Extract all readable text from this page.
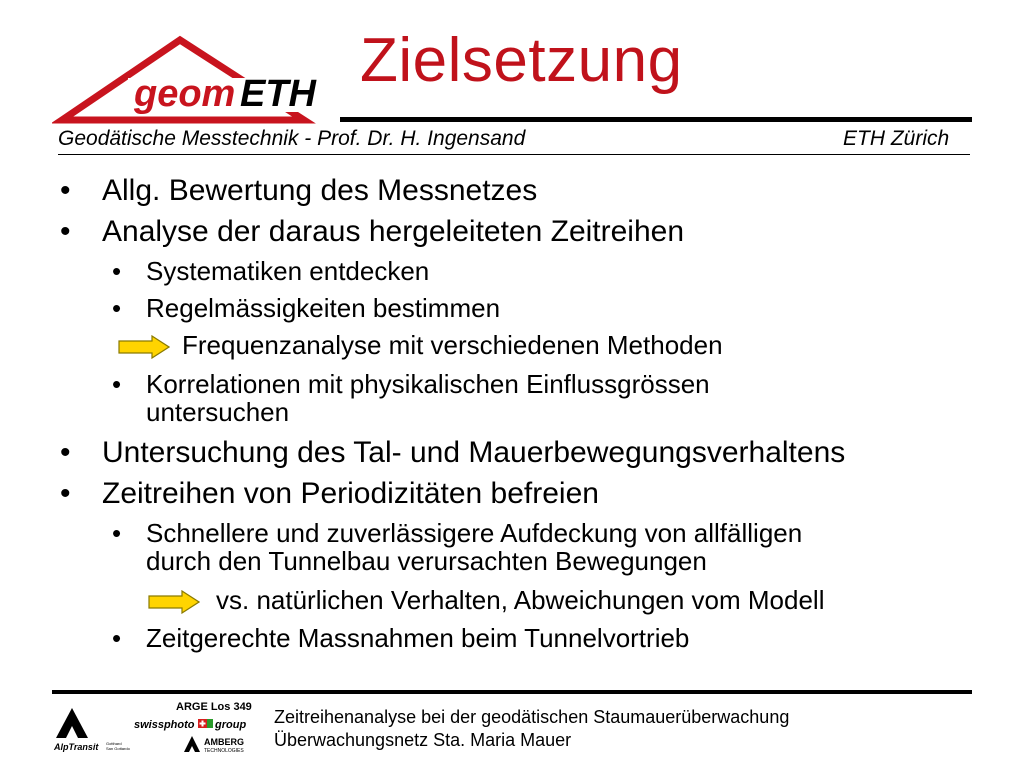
geom ETH Zielsetzung
Geodätische Messtechnik - Prof. Dr. H. Ingensand	ETH Zürich
• Allg. Bewertung des Messnetzes
• Analyse der daraus hergeleiteten Zeitreihen
• Systematiken entdecken
• Regelmässigkeiten bestimmen
Frequenzanalyse mit verschiedenen Methoden
• Korrelationen mit physikalischen Einflussgrössen
untersuchen
• Untersuchung des Tal- und Mauerbewegungsverhaltens
• Zeitreihen von Periodizitäten befreien
• Schnellere und zuverlässigere Aufdeckung von allfälligen
durch den Tunnelbau verursachten Bewegungen
vs. natürlichen Verhalten, Abweichungen vom Modell
• Zeitgerechte Massnahmen beim Tunnelvortrieb
AlpTransit Gotthard
San Gottardo
ARGE Los 349
swissphoto group
AMBERG
TECHNOLOGIES
Zeitreihenanalyse bei der geodätischen Staumauerüberwachung
Überwachungsnetz Sta. Maria Mauer
